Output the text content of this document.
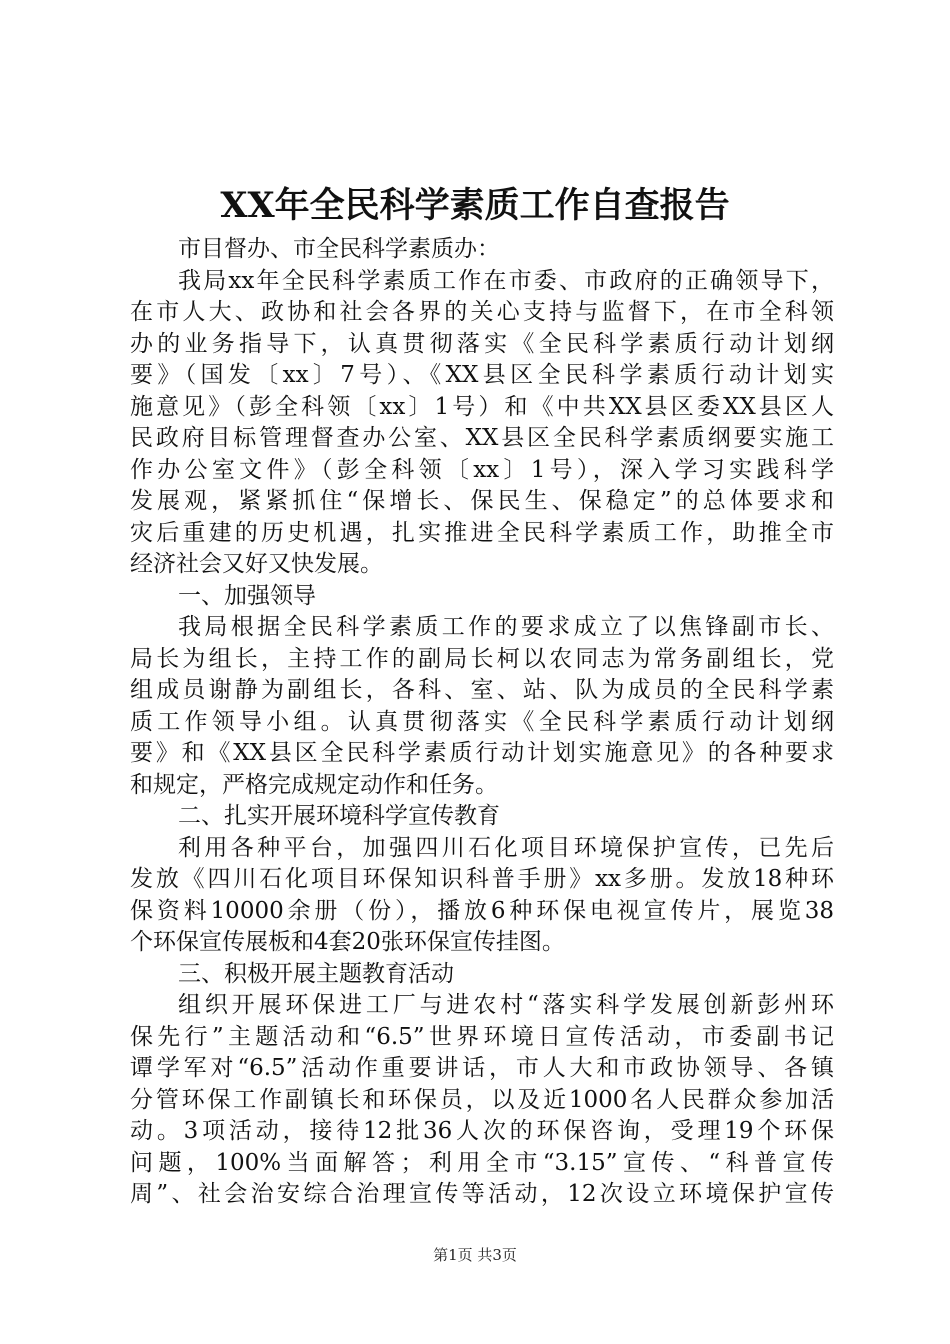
XX年全民科学素质工作自查报告
市目督办、市全民科学素质办：
我局xx年全民科学素质工作在市委、市政府的正确领导下，
在市人大、政协和社会各界的关心支持与监督下，在市全科领
办的业务指导下，认真贯彻落实《全民科学素质行动计划纲
要》（国发〔xx〕7号）、《XX县区全民科学素质行动计划实
施意见》（彭全科领〔xx〕1号）和《中共XX县区委XX县区人
民政府目标管理督查办公室、XX县区全民科学素质纲要实施工
作办公室文件》（彭全科领〔xx〕1号），深入学习实践科学
发展观，紧紧抓住“保增长、保民生、保稳定”的总体要求和
灾后重建的历史机遇，扎实推进全民科学素质工作，助推全市
经济社会又好又快发展。
一、加强领导
我局根据全民科学素质工作的要求成立了以焦锋副市长、
局长为组长，主持工作的副局长柯以农同志为常务副组长，党
组成员谢静为副组长，各科、室、站、队为成员的全民科学素
质工作领导小组。认真贯彻落实《全民科学素质行动计划纲
要》和《XX县区全民科学素质行动计划实施意见》的各种要求
和规定，严格完成规定动作和任务。
二、扎实开展环境科学宣传教育
利用各种平台，加强四川石化项目环境保护宣传，已先后
发放《四川石化项目环保知识科普手册》xx多册。发放18种环
保资料10000余册（份），播放6种环保电视宣传片，展览38
个环保宣传展板和4套20张环保宣传挂图。
三、积极开展主题教育活动
组织开展环保进工厂与进农村“落实科学发展创新彭州环
保先行”主题活动和“6.5”世界环境日宣传活动，市委副书记
谭学军对“6.5”活动作重要讲话，市人大和市政协领导、各镇
分管环保工作副镇长和环保员，以及近1000名人民群众参加活
动。3项活动，接待12批36人次的环保咨询，受理19个环保
问题，100%当面解答；利用全市“3.15”宣传、“科普宣传
周”、社会治安综合治理宣传等活动，12次设立环境保护宣传
第1页 共3页
